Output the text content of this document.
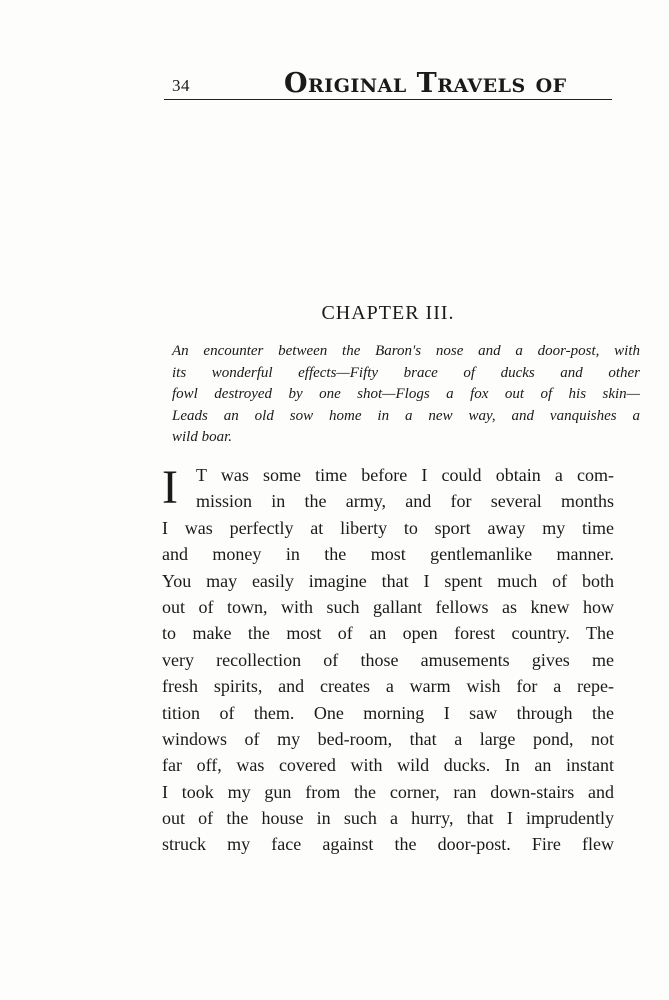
34	Original Travels of
CHAPTER III.
An encounter between the Baron's nose and a door-post, with
its wonderful effects—Fifty brace of ducks and other
fowl destroyed by one shot—Flogs a fox out of his skin—
Leads an old sow home in a new way, and vanquishes a
wild boar.
I	T was some time before I could obtain a com-
mission in the army, and for several months
I was perfectly at liberty to sport away my time
and money in the most gentlemanlike manner.
You may easily imagine that I spent much of both
out of town, with such gallant fellows as knew how
to make the most of an open forest country. The
very recollection of those amusements gives me
fresh spirits, and creates a warm wish for a repe-
tition of them. One morning I saw through the
windows of my bed-room, that a large pond, not
far off, was covered with wild ducks. In an instant
I took my gun from the corner, ran down-stairs and
out of the house in such a hurry, that I imprudently
struck my face against the door-post. Fire flew
